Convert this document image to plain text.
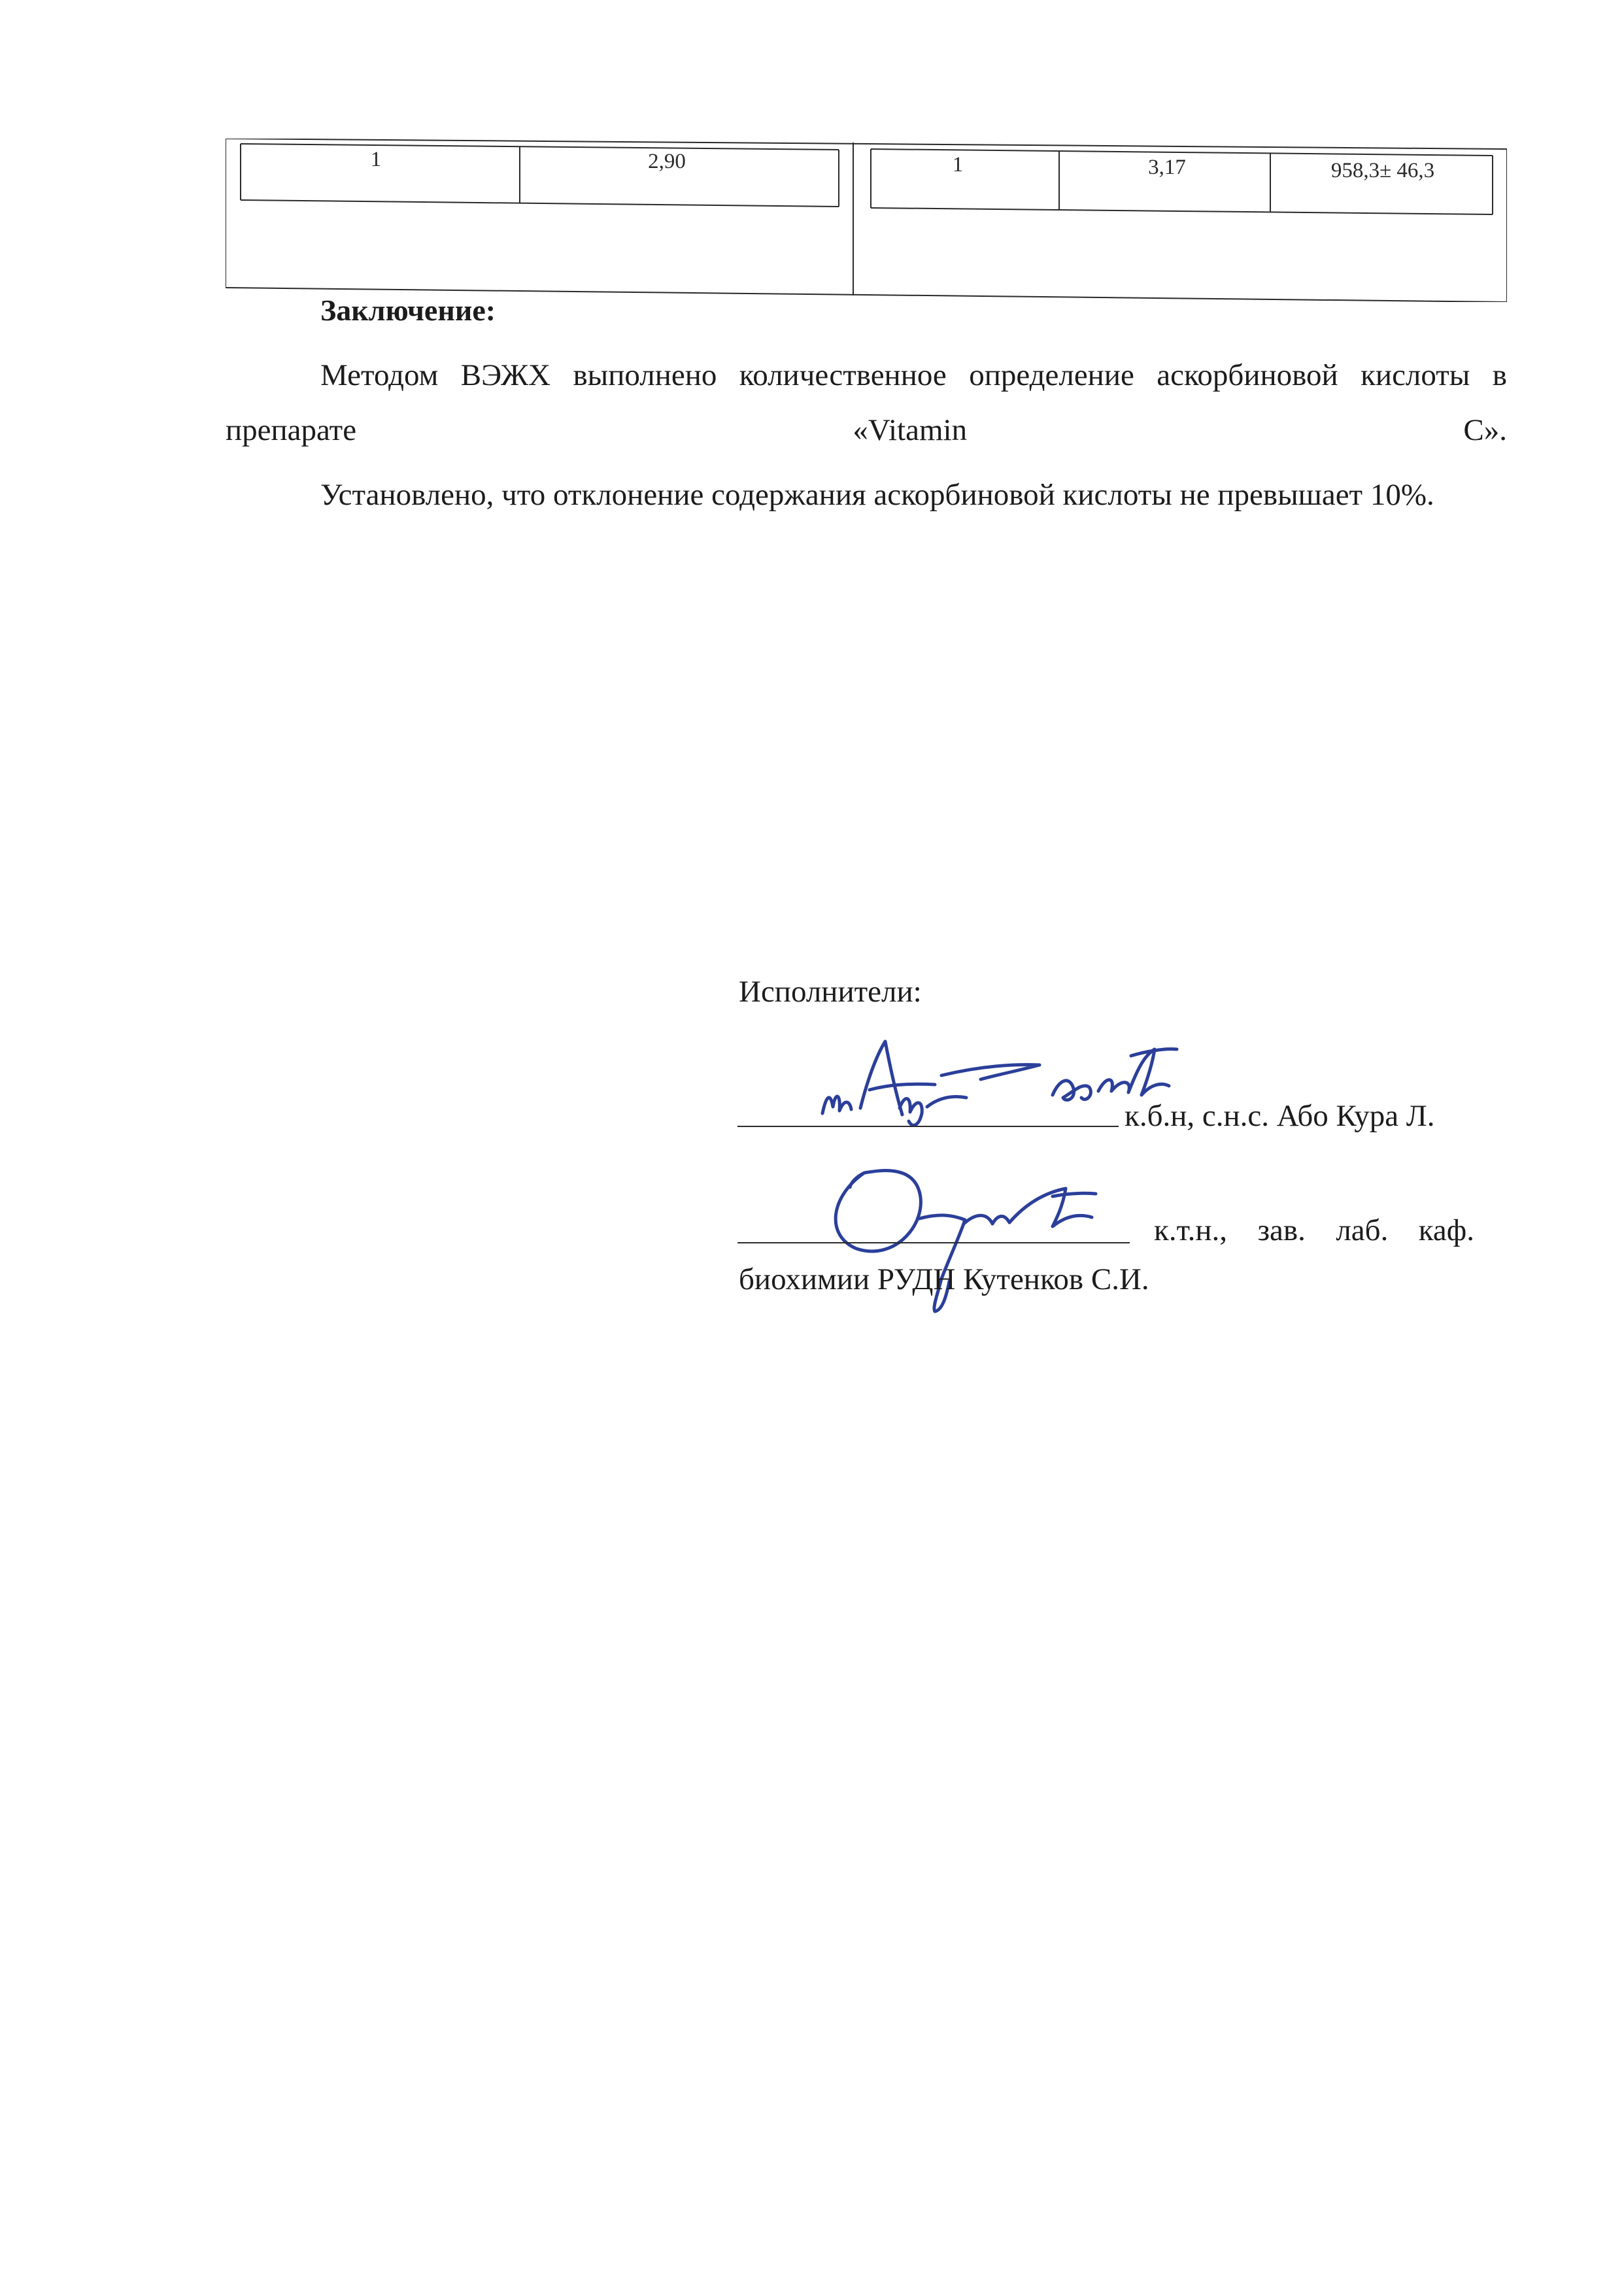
1	2,90	1	3,17	958,3± 46,3
Заключение:
Методом ВЭЖХ выполнено количественное определение аскорбиновой кислоты в препарате «Vitamin C».
Установлено, что отклонение содержания аскорбиновой кислоты не превышает 10%.
Исполнители:
к.б.н, с.н.с. Або Кура Л.
к.т.н., зав. лаб. каф.
биохимии РУДН Кутенков С.И.
